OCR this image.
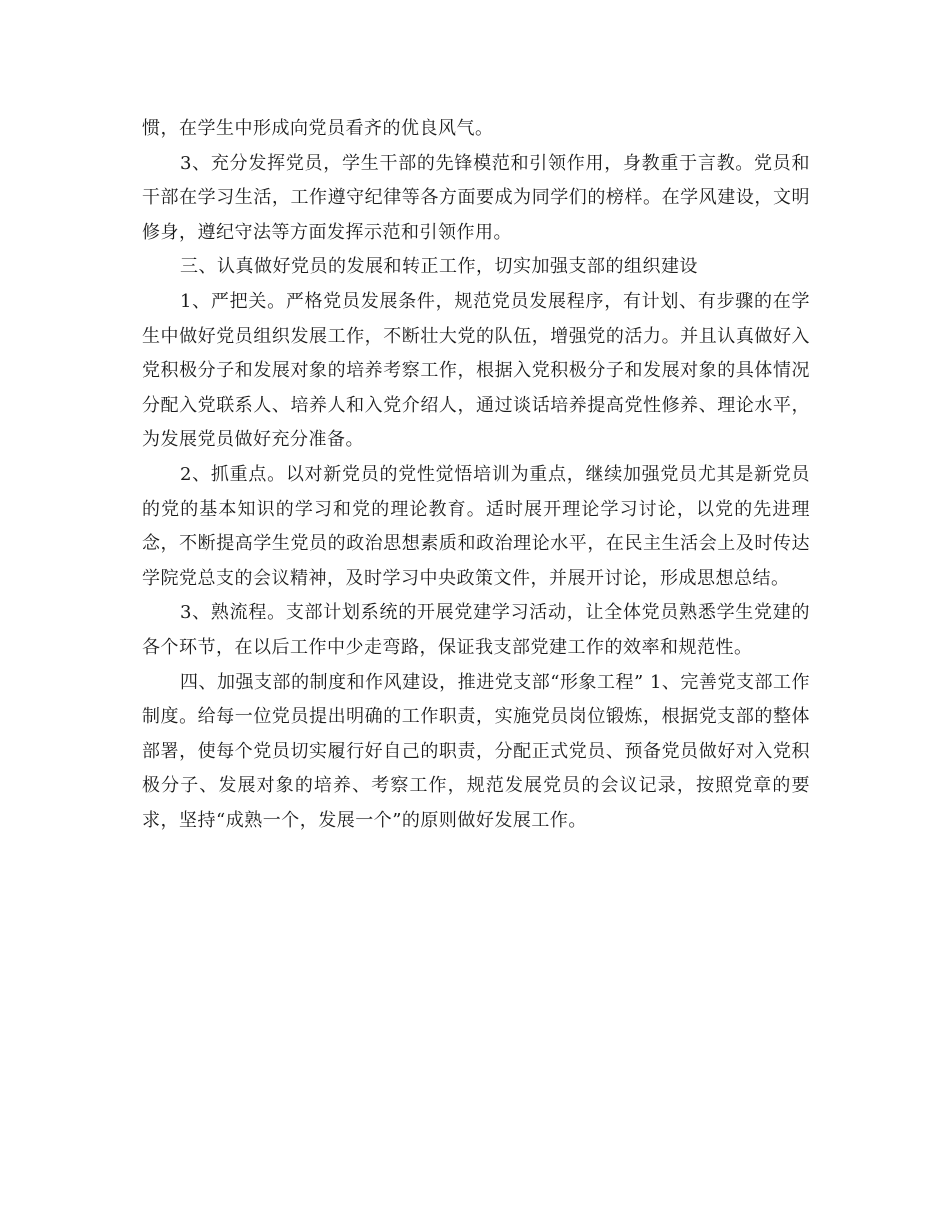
惯，在学生中形成向党员看齐的优良风气。

3、充分发挥党员，学生干部的先锋模范和引领作用，身教重于言教。党员和干部在学习生活，工作遵守纪律等各方面要成为同学们的榜样。在学风建设，文明修身，遵纪守法等方面发挥示范和引领作用。

三、认真做好党员的发展和转正工作，切实加强支部的组织建设

1、严把关。严格党员发展条件，规范党员发展程序，有计划、有步骤的在学生中做好党员组织发展工作，不断壮大党的队伍，增强党的活力。并且认真做好入党积极分子和发展对象的培养考察工作，根据入党积极分子和发展对象的具体情况分配入党联系人、培养人和入党介绍人，通过谈话培养提高党性修养、理论水平，为发展党员做好充分准备。

2、抓重点。以对新党员的党性觉悟培训为重点，继续加强党员尤其是新党员的党的基本知识的学习和党的理论教育。适时展开理论学习讨论，以党的先进理念，不断提高学生党员的政治思想素质和政治理论水平，在民主生活会上及时传达学院党总支的会议精神，及时学习中央政策文件，并展开讨论，形成思想总结。

3、熟流程。支部计划系统的开展党建学习活动，让全体党员熟悉学生党建的各个环节，在以后工作中少走弯路，保证我支部党建工作的效率和规范性。

四、加强支部的制度和作风建设，推进党支部“形象工程” 1、完善党支部工作制度。给每一位党员提出明确的工作职责，实施党员岗位锻炼，根据党支部的整体部署，使每个党员切实履行好自己的职责，分配正式党员、预备党员做好对入党积极分子、发展对象的培养、考察工作，规范发展党员的会议记录，按照党章的要求，坚持“成熟一个，发展一个”的原则做好发展工作。
